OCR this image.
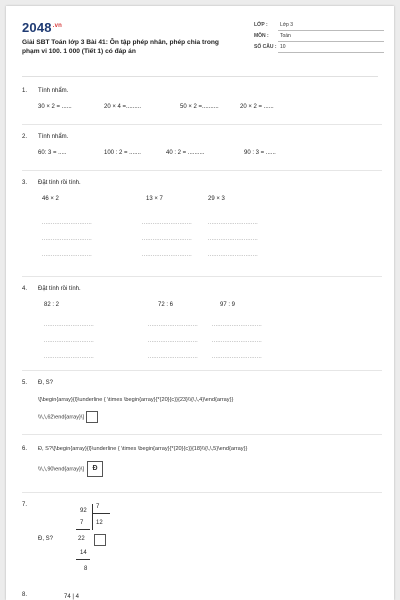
$2048^{.vn}$
Giải SBT Toán lớp 3 Bài 41: Ôn tập phép nhân, phép chia trong phạm vi 100. 1 000 (Tiết 1) có đáp án
LỚP : Lớp 3
MÔN : Toán
SỐ CÂU : 10
1. Tính nhẩm.
30 × 2 = ......	20 × 4 =.........	50 × 2 =..........	20 × 2 = ......
2. Tính nhẩm.
60: 3 = .....	100 : 2 = .......	40 : 2 = ..........	90 : 3 = ......
3. Đặt tính rồi tính.
46 × 2	13 × 7	29 × 3
............................	............................	............................
............................	............................	............................
............................	............................	............................
4. Đặt tính rồi tính.
82 : 2	72 : 6	97 : 9
............................	............................	............................
............................	............................	............................
............................	............................	............................
5. Đ, S?
\[\begin{array}{l}\underline { \times \begin{array}{*{20}{c}}{23}\\{\,\,4}\end{array}}
\\\,\,62\end{array}\]
6. Đ, S?\[\begin{array}{l}\underline { \times \begin{array}{*{20}{c}}{18}\\{\,\,5}\end{array}}
\\\,\,90\end{array}\] Đ
7.
92
7
7 12
22
14
8
Đ, S?
8.	74 | 4
